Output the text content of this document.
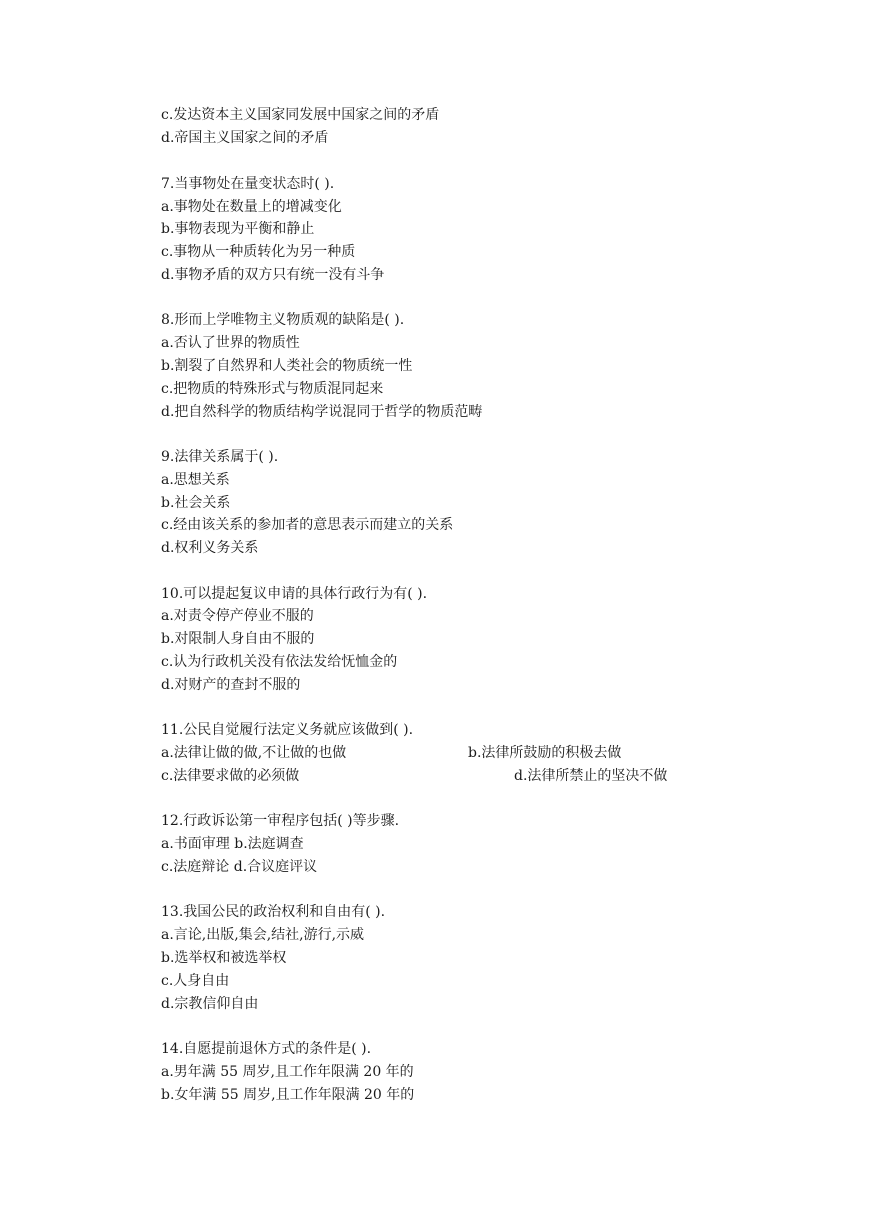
c.发达资本主义国家同发展中国家之间的矛盾
d.帝国主义国家之间的矛盾
7.当事物处在量变状态时( ).
a.事物处在数量上的增减变化
b.事物表现为平衡和静止
c.事物从一种质转化为另一种质
d.事物矛盾的双方只有统一没有斗争
8.形而上学唯物主义物质观的缺陷是( ).
a.否认了世界的物质性
b.割裂了自然界和人类社会的物质统一性
c.把物质的特殊形式与物质混同起来
d.把自然科学的物质结构学说混同于哲学的物质范畴
9.法律关系属于( ).
a.思想关系
b.社会关系
c.经由该关系的参加者的意思表示而建立的关系
d.权利义务关系
10.可以提起复议申请的具体行政行为有( ).
a.对责令停产停业不服的
b.对限制人身自由不服的
c.认为行政机关没有依法发给怃恤金的
d.对财产的查封不服的
11.公民自觉履行法定义务就应该做到( ).
a.法律让做的做,不让做的也做	b.法律所鼓励的积极去做
c.法律要求做的必须做	d.法律所禁止的坚决不做
12.行政诉讼第一审程序包括( )等步骤.
a.书面审理 b.法庭调查
c.法庭辩论 d.合议庭评议
13.我国公民的政治权利和自由有( ).
a.言论,出版,集会,结社,游行,示威
b.选举权和被选举权
c.人身自由
d.宗教信仰自由
14.自愿提前退休方式的条件是( ).
a.男年满 55 周岁,且工作年限满 20 年的
b.女年满 55 周岁,且工作年限满 20 年的
